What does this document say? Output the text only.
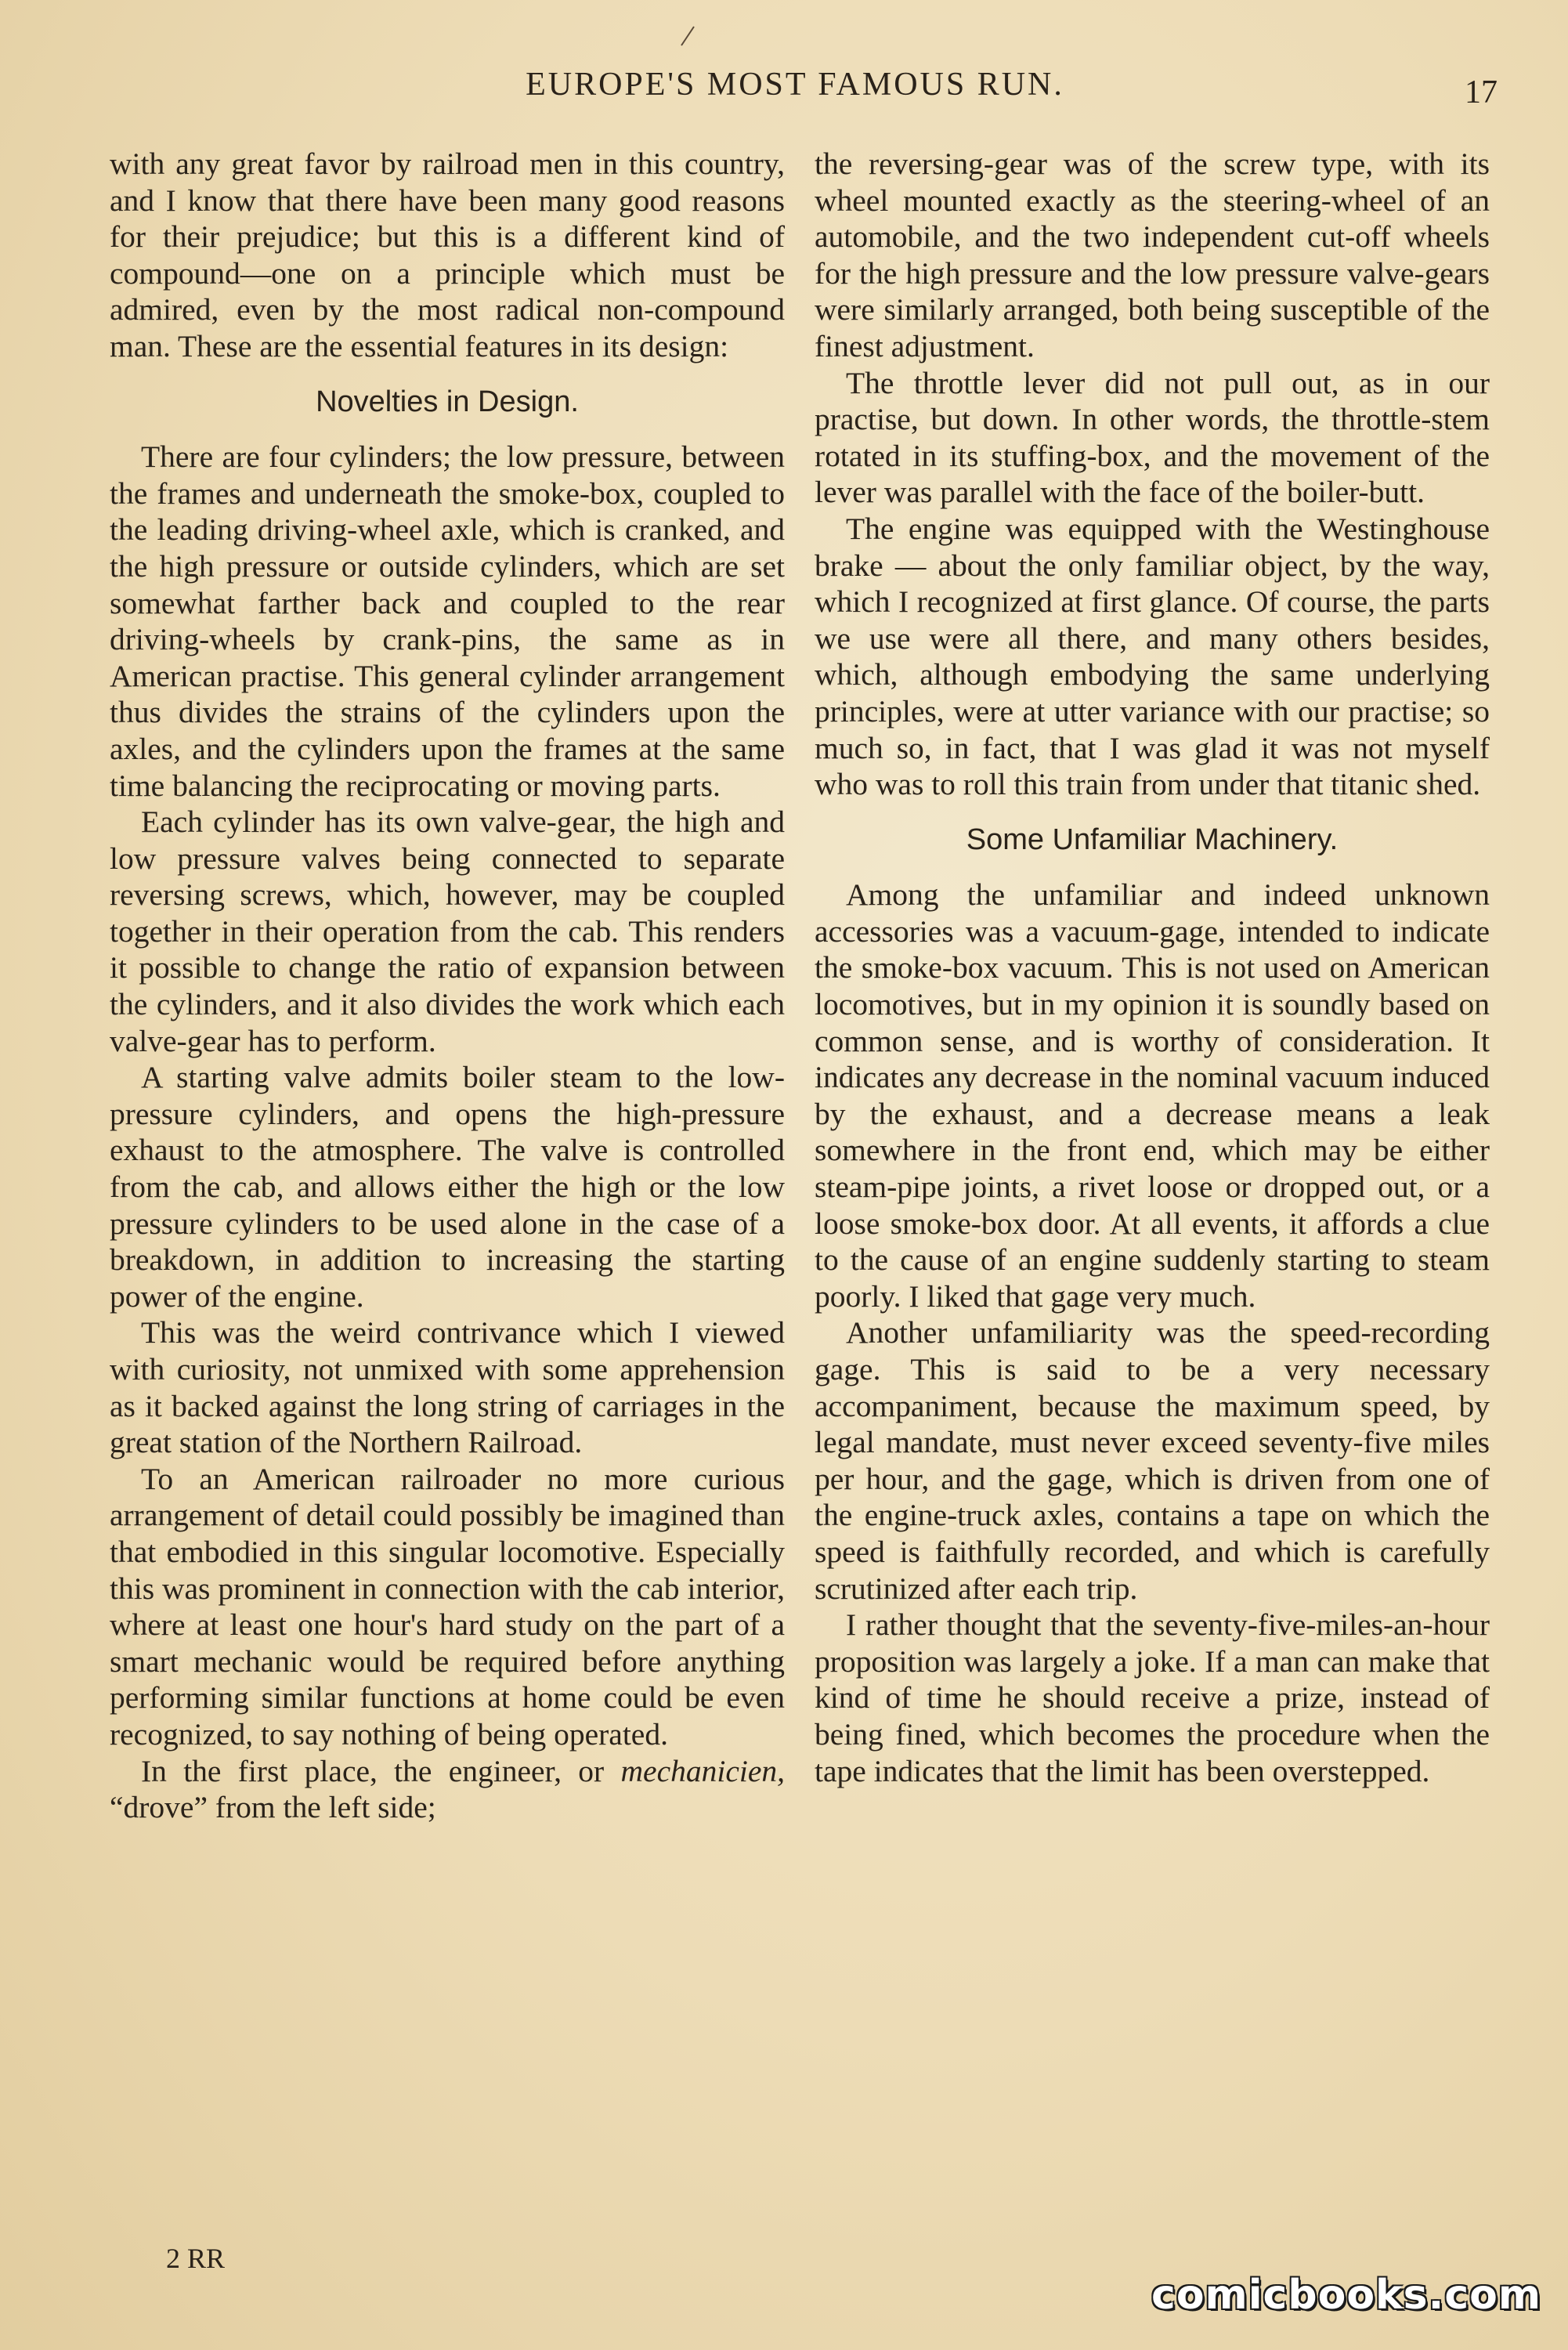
EUROPE'S MOST FAMOUS RUN.	17

with any great favor by railroad men in this country, and I know that there have been many good reasons for their prejudice; but this is a different kind of compound—one on a principle which must be admired, even by the most radical non-compound man. These are the essential features in its design:

Novelties in Design.

There are four cylinders; the low pressure, between the frames and underneath the smoke-box, coupled to the leading driving-wheel axle, which is cranked, and the high pressure or outside cylinders, which are set somewhat farther back and coupled to the rear driving-wheels by crank-pins, the same as in American practise. This general cylinder arrangement thus divides the strains of the cylinders upon the axles, and the cylinders upon the frames at the same time balancing the reciprocating or moving parts.

Each cylinder has its own valve-gear, the high and low pressure valves being connected to separate reversing screws, which, however, may be coupled together in their operation from the cab. This renders it possible to change the ratio of expansion between the cylinders, and it also divides the work which each valve-gear has to perform.

A starting valve admits boiler steam to the low-pressure cylinders, and opens the high-pressure exhaust to the atmosphere. The valve is controlled from the cab, and allows either the high or the low pressure cylinders to be used alone in the case of a breakdown, in addition to increasing the starting power of the engine.

This was the weird contrivance which I viewed with curiosity, not unmixed with some apprehension as it backed against the long string of carriages in the great station of the Northern Railroad.

To an American railroader no more curious arrangement of detail could possibly be imagined than that embodied in this singular locomotive. Especially this was prominent in connection with the cab interior, where at least one hour's hard study on the part of a smart mechanic would be required before anything performing similar functions at home could be even recognized, to say nothing of being operated.

In the first place, the engineer, or mechanicien, “drove” from the left side;

the reversing-gear was of the screw type, with its wheel mounted exactly as the steering-wheel of an automobile, and the two independent cut-off wheels for the high pressure and the low pressure valve-gears were similarly arranged, both being susceptible of the finest adjustment.

The throttle lever did not pull out, as in our practise, but down. In other words, the throttle-stem rotated in its stuffing-box, and the movement of the lever was parallel with the face of the boiler-butt.

The engine was equipped with the Westinghouse brake — about the only familiar object, by the way, which I recognized at first glance. Of course, the parts we use were all there, and many others besides, which, although embodying the same underlying principles, were at utter variance with our practise; so much so, in fact, that I was glad it was not myself who was to roll this train from under that titanic shed.

Some Unfamiliar Machinery.

Among the unfamiliar and indeed unknown accessories was a vacuum-gage, intended to indicate the smoke-box vacuum. This is not used on American locomotives, but in my opinion it is soundly based on common sense, and is worthy of consideration. It indicates any decrease in the nominal vacuum induced by the exhaust, and a decrease means a leak somewhere in the front end, which may be either steam-pipe joints, a rivet loose or dropped out, or a loose smoke-box door. At all events, it affords a clue to the cause of an engine suddenly starting to steam poorly. I liked that gage very much.

Another unfamiliarity was the speed-recording gage. This is said to be a very necessary accompaniment, because the maximum speed, by legal mandate, must never exceed seventy-five miles per hour, and the gage, which is driven from one of the engine-truck axles, contains a tape on which the speed is faithfully recorded, and which is carefully scrutinized after each trip.

I rather thought that the seventy-five-miles-an-hour proposition was largely a joke. If a man can make that kind of time he should receive a prize, instead of being fined, which becomes the procedure when the tape indicates that the limit has been overstepped.

2 RR
comicbooks.com
